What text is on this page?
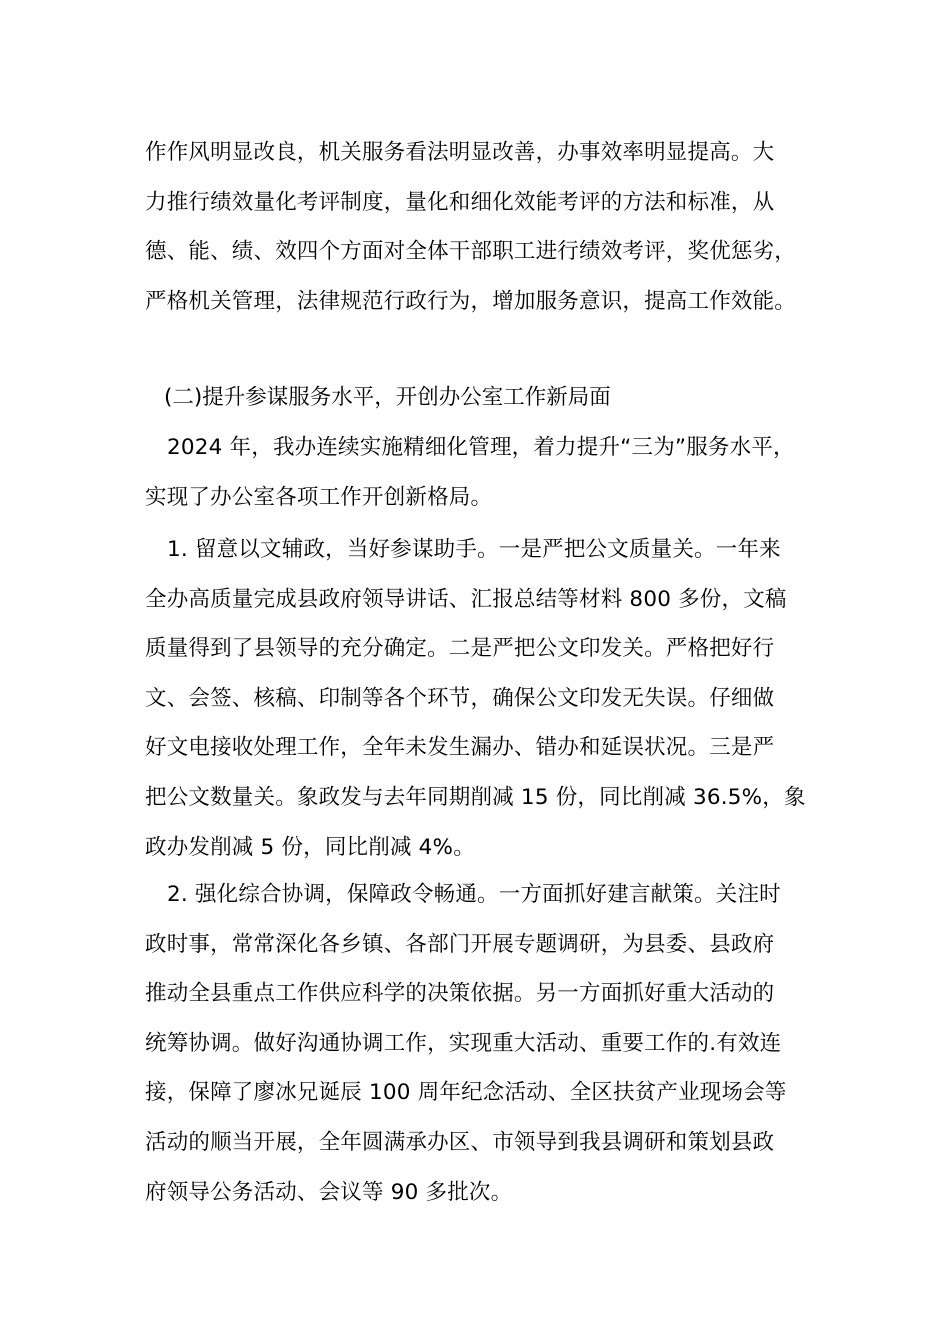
作作风明显改良，机关服务看法明显改善，办事效率明显提高。大
力推行绩效量化考评制度，量化和细化效能考评的方法和标准，从
德、能、绩、效四个方面对全体干部职工进行绩效考评，奖优惩劣，
严格机关管理，法律规范行政行为，增加服务意识，提高工作效能。
(二)提升参谋服务水平，开创办公室工作新局面
2024 年，我办连续实施精细化管理，着力提升“三为”服务水平，
实现了办公室各项工作开创新格局。
1. 留意以文辅政，当好参谋助手。一是严把公文质量关。一年来
全办高质量完成县政府领导讲话、汇报总结等材料 800 多份，文稿
质量得到了县领导的充分确定。二是严把公文印发关。严格把好行
文、会签、核稿、印制等各个环节，确保公文印发无失误。仔细做
好文电接收处理工作，全年未发生漏办、错办和延误状况。三是严
把公文数量关。象政发与去年同期削减 15 份，同比削减 36.5%，象
政办发削减 5 份，同比削减 4%。
2. 强化综合协调，保障政令畅通。一方面抓好建言献策。关注时
政时事，常常深化各乡镇、各部门开展专题调研，为县委、县政府
推动全县重点工作供应科学的决策依据。另一方面抓好重大活动的
统筹协调。做好沟通协调工作，实现重大活动、重要工作的.有效连
接，保障了廖冰兄诞辰 100 周年纪念活动、全区扶贫产业现场会等
活动的顺当开展，全年圆满承办区、市领导到我县调研和策划县政
府领导公务活动、会议等 90 多批次。
